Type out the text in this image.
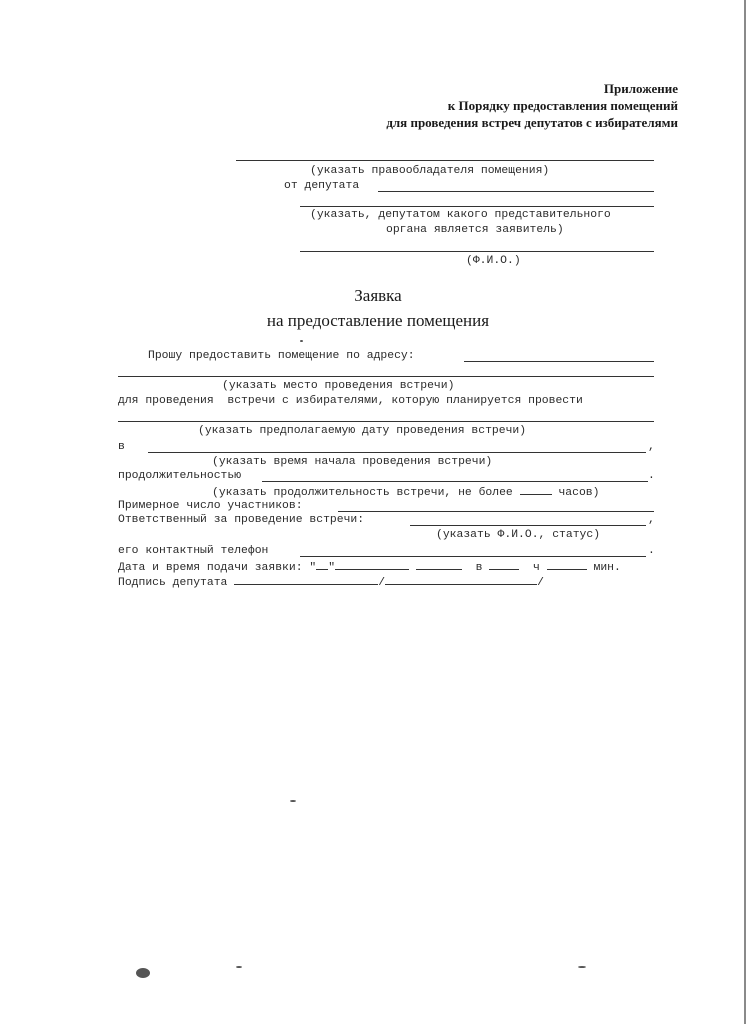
Приложение
к Порядку предоставления помещений
для проведения встреч депутатов с избирателями
(указать правообладателя помещения)
от депутата
(указать, депутатом какого представительного
органа является заявитель)
(Ф.И.О.)
Заявка
на предоставление помещения
Прошу предоставить помещение по адресу:
(указать место проведения встречи)
для проведения  встречи с избирателями, которую планируется провести
(указать предполагаемую дату проведения встречи)
в	,
(указать время начала проведения встречи)
продолжительностью	.
(указать продолжительность встречи, не более	часов)
Примерное число участников:
Ответственный за проведение встречи:	,
(указать Ф.И.О., статус)
его контактный телефон	.
Дата и время подачи заявки: " "	в	ч	мин.
Подпись депутата	/	/
